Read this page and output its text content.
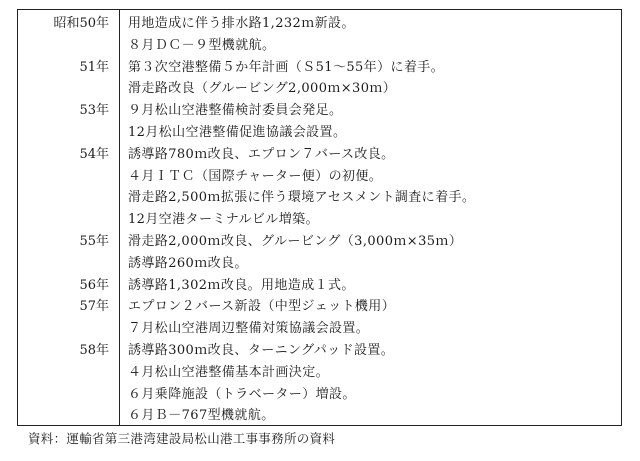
昭和50年 用地造成に伴う排水路1,232ｍ新設。
８月ＤＣ－９型機就航。
51年 第３次空港整備５か年計画（Ｓ51～55年）に着手。
滑走路改良（グルービング2,000ｍ×30ｍ）
53年 ９月松山空港整備検討委員会発足。
12月松山空港整備促進協議会設置。
54年 誘導路780ｍ改良、エプロン７バース改良。
４月ＩＴＣ（国際チャーター便）の初便。
滑走路2,500ｍ拡張に伴う環境アセスメント調査に着手。
12月空港ターミナルビル増築。
55年 滑走路2,000ｍ改良、グルービング（3,000ｍ×35ｍ）
誘導路260ｍ改良。
56年 誘導路1,302ｍ改良。用地造成１式。
57年 エプロン２バース新設（中型ジェット機用）
７月松山空港周辺整備対策協議会設置。
58年 誘導路300ｍ改良、ターニングパッド設置。
４月松山空港整備基本計画決定。
６月乗降施設（トラベーター）増設。
６月Ｂ－767型機就航。
資料：運輸省第三港湾建設局松山港工事事務所の資料
